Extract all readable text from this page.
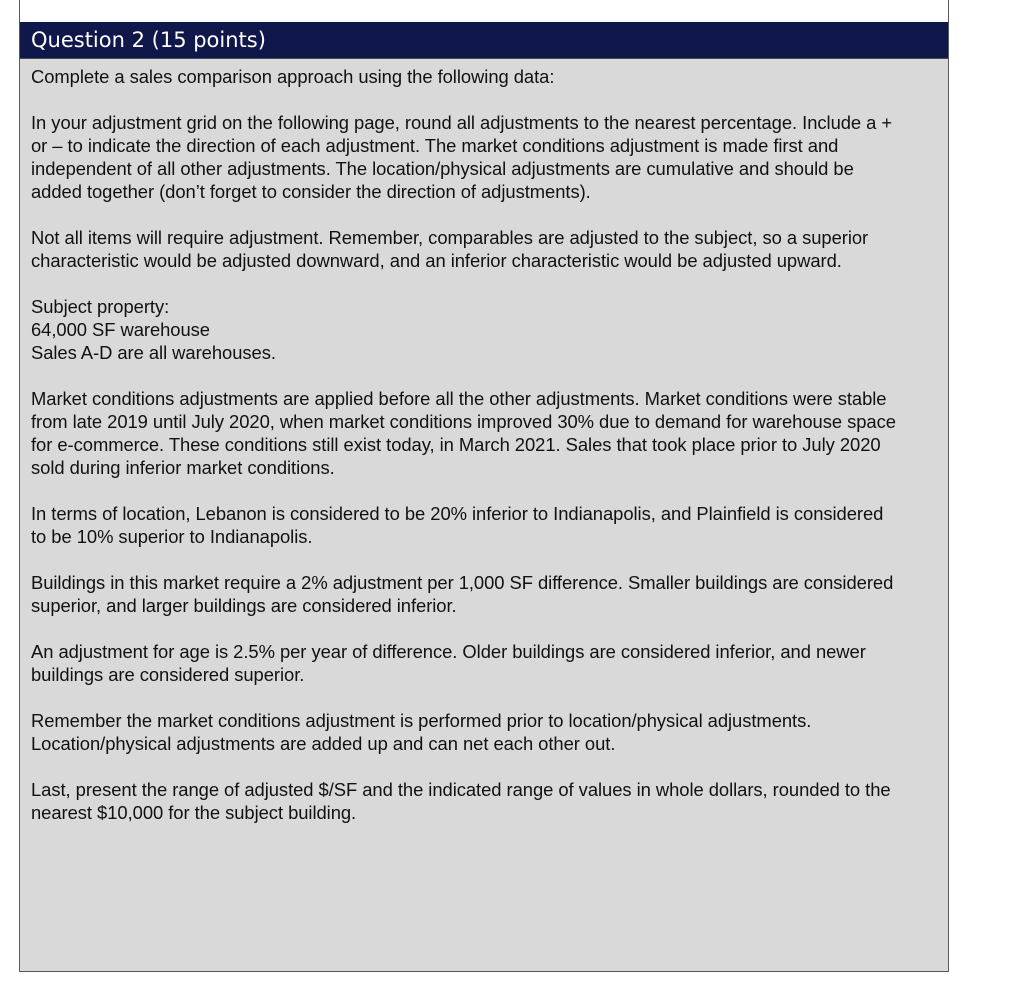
Question 2 (15 points)

Complete a sales comparison approach using the following data:

In your adjustment grid on the following page, round all adjustments to the nearest percentage. Include a +

or – to indicate the direction of each adjustment. The market conditions adjustment is made first and

independent of all other adjustments. The location/physical adjustments are cumulative and should be

added together (don’t forget to consider the direction of adjustments).

Not all items will require adjustment. Remember, comparables are adjusted to the subject, so a superior

characteristic would be adjusted downward, and an inferior characteristic would be adjusted upward.

Subject property:

64,000 SF warehouse

Sales A-D are all warehouses.

Market conditions adjustments are applied before all the other adjustments. Market conditions were stable

from late 2019 until July 2020, when market conditions improved 30% due to demand for warehouse space

for e-commerce. These conditions still exist today, in March 2021. Sales that took place prior to July 2020

sold during inferior market conditions.

In terms of location, Lebanon is considered to be 20% inferior to Indianapolis, and Plainfield is considered

to be 10% superior to Indianapolis.

Buildings in this market require a 2% adjustment per 1,000 SF difference. Smaller buildings are considered

superior, and larger buildings are considered inferior.

An adjustment for age is 2.5% per year of difference. Older buildings are considered inferior, and newer

buildings are considered superior.

Remember the market conditions adjustment is performed prior to location/physical adjustments.

Location/physical adjustments are added up and can net each other out.

Last, present the range of adjusted $/SF and the indicated range of values in whole dollars, rounded to the

nearest $10,000 for the subject building.
